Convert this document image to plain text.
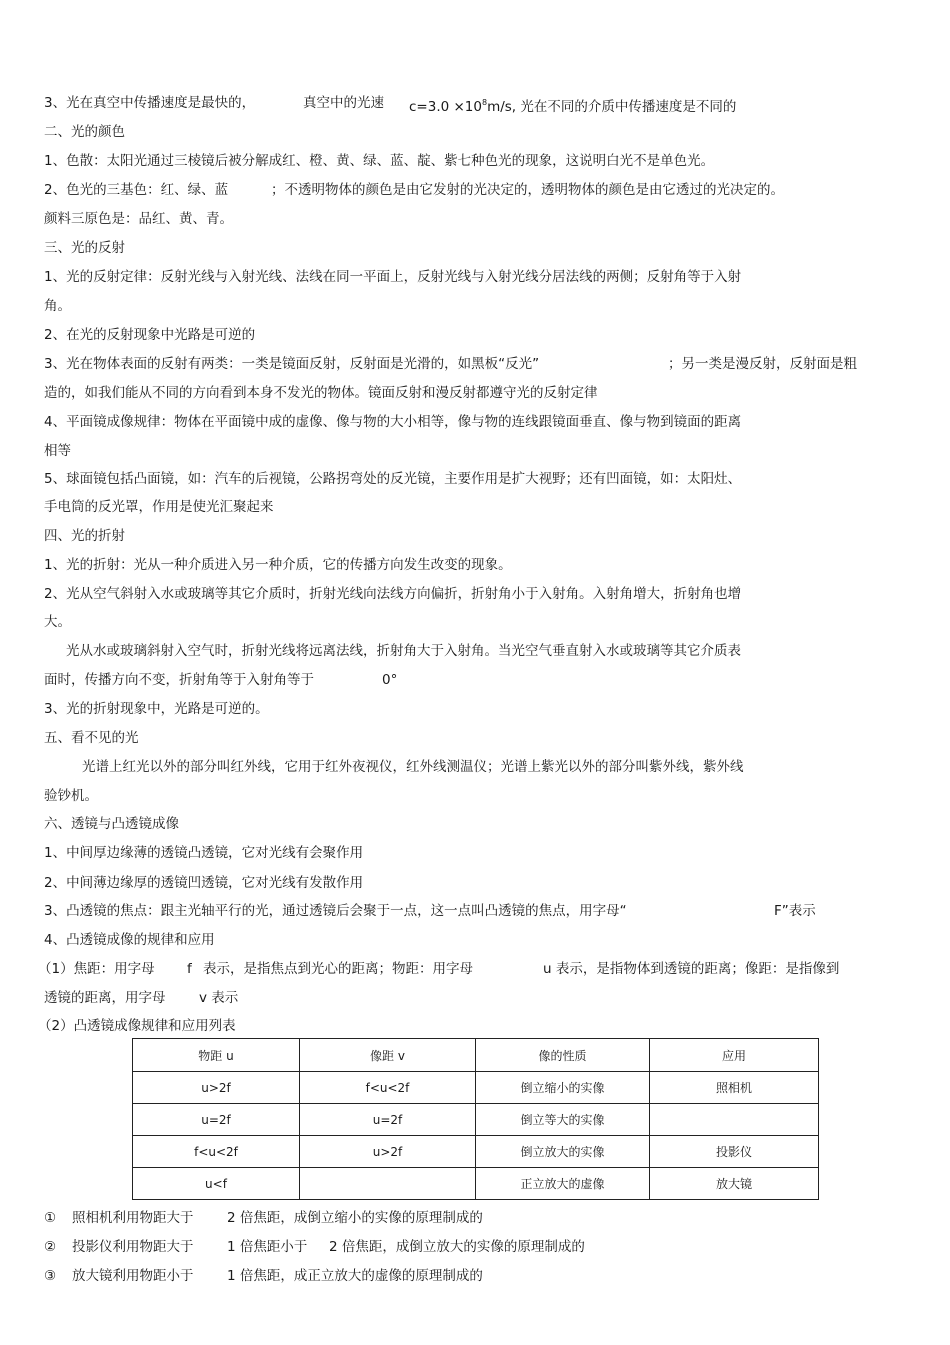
3、光在真空中传播速度是最快的，	真空中的光速 $c=3.0 \times 10^8m/s$, 光在不同的介质中传播速度是不同的
二、光的颜色
1、色散：太阳光通过三棱镜后被分解成红、橙、黄、绿、蓝、靛、紫七种色光的现象，这说明白光不是单色光。
2、色光的三基色：红、绿、蓝	；不透明物体的颜色是由它发射的光决定的，透明物体的颜色是由它透过的光决定的。
颜料三原色是：品红、黄、青。
三、光的反射
1、光的反射定律：反射光线与入射光线、法线在同一平面上，反射光线与入射光线分居法线的两侧；反射角等于入射
角。
2、在光的反射现象中光路是可逆的
3、光在物体表面的反射有两类：一类是镜面反射，反射面是光滑的，如黑板“反光”	；另一类是漫反射，反射面是粗
造的，如我们能从不同的方向看到本身不发光的物体。镜面反射和漫反射都遵守光的反射定律
4、平面镜成像规律：物体在平面镜中成的虚像、像与物的大小相等，像与物的连线跟镜面垂直、像与物到镜面的距离
相等
5、球面镜包括凸面镜，如：汽车的后视镜，公路拐弯处的反光镜，主要作用是扩大视野；还有凹面镜，如：太阳灶、
手电筒的反光罩，作用是使光汇聚起来
四、光的折射
1、光的折射：光从一种介质进入另一种介质，它的传播方向发生改变的现象。
2、光从空气斜射入水或玻璃等其它介质时，折射光线向法线方向偏折，折射角小于入射角。入射角增大，折射角也增
大。
光从水或玻璃斜射入空气时，折射光线将远离法线，折射角大于入射角。当光空气垂直射入水或玻璃等其它介质表
面时，传播方向不变，折射角等于入射角等于	0°
3、光的折射现象中，光路是可逆的。
五、看不见的光
光谱上红光以外的部分叫红外线，它用于红外夜视仪，红外线测温仪；光谱上紫光以外的部分叫紫外线，紫外线
验钞机。
六、透镜与凸透镜成像
1、中间厚边缘薄的透镜凸透镜，它对光线有会聚作用
2、中间薄边缘厚的透镜凹透镜，它对光线有发散作用
3、凸透镜的焦点：跟主光轴平行的光，通过透镜后会聚于一点，这一点叫凸透镜的焦点，用字母“	F”表示
4、凸透镜成像的规律和应用
（1）焦距：用字母 f 表示，是指焦点到光心的距离；物距：用字母	u 表示，是指物体到透镜的距离；像距：是指像到
透镜的距离，用字母 v 表示
（2）凸透镜成像规律和应用列表
物距 u	像距 v	像的性质	应用
u>2f	f<u<2f	倒立缩小的实像	照相机
u=2f	u=2f	倒立等大的实像	
f<u<2f	u>2f	倒立放大的实像	投影仪
u<f		正立放大的虚像	放大镜
① 照相机利用物距大于 2 倍焦距，成倒立缩小的实像的原理制成的
② 投影仪利用物距大于 1 倍焦距小于 2 倍焦距，成倒立放大的实像的原理制成的
③ 放大镜利用物距小于 1 倍焦距，成正立放大的虚像的原理制成的
